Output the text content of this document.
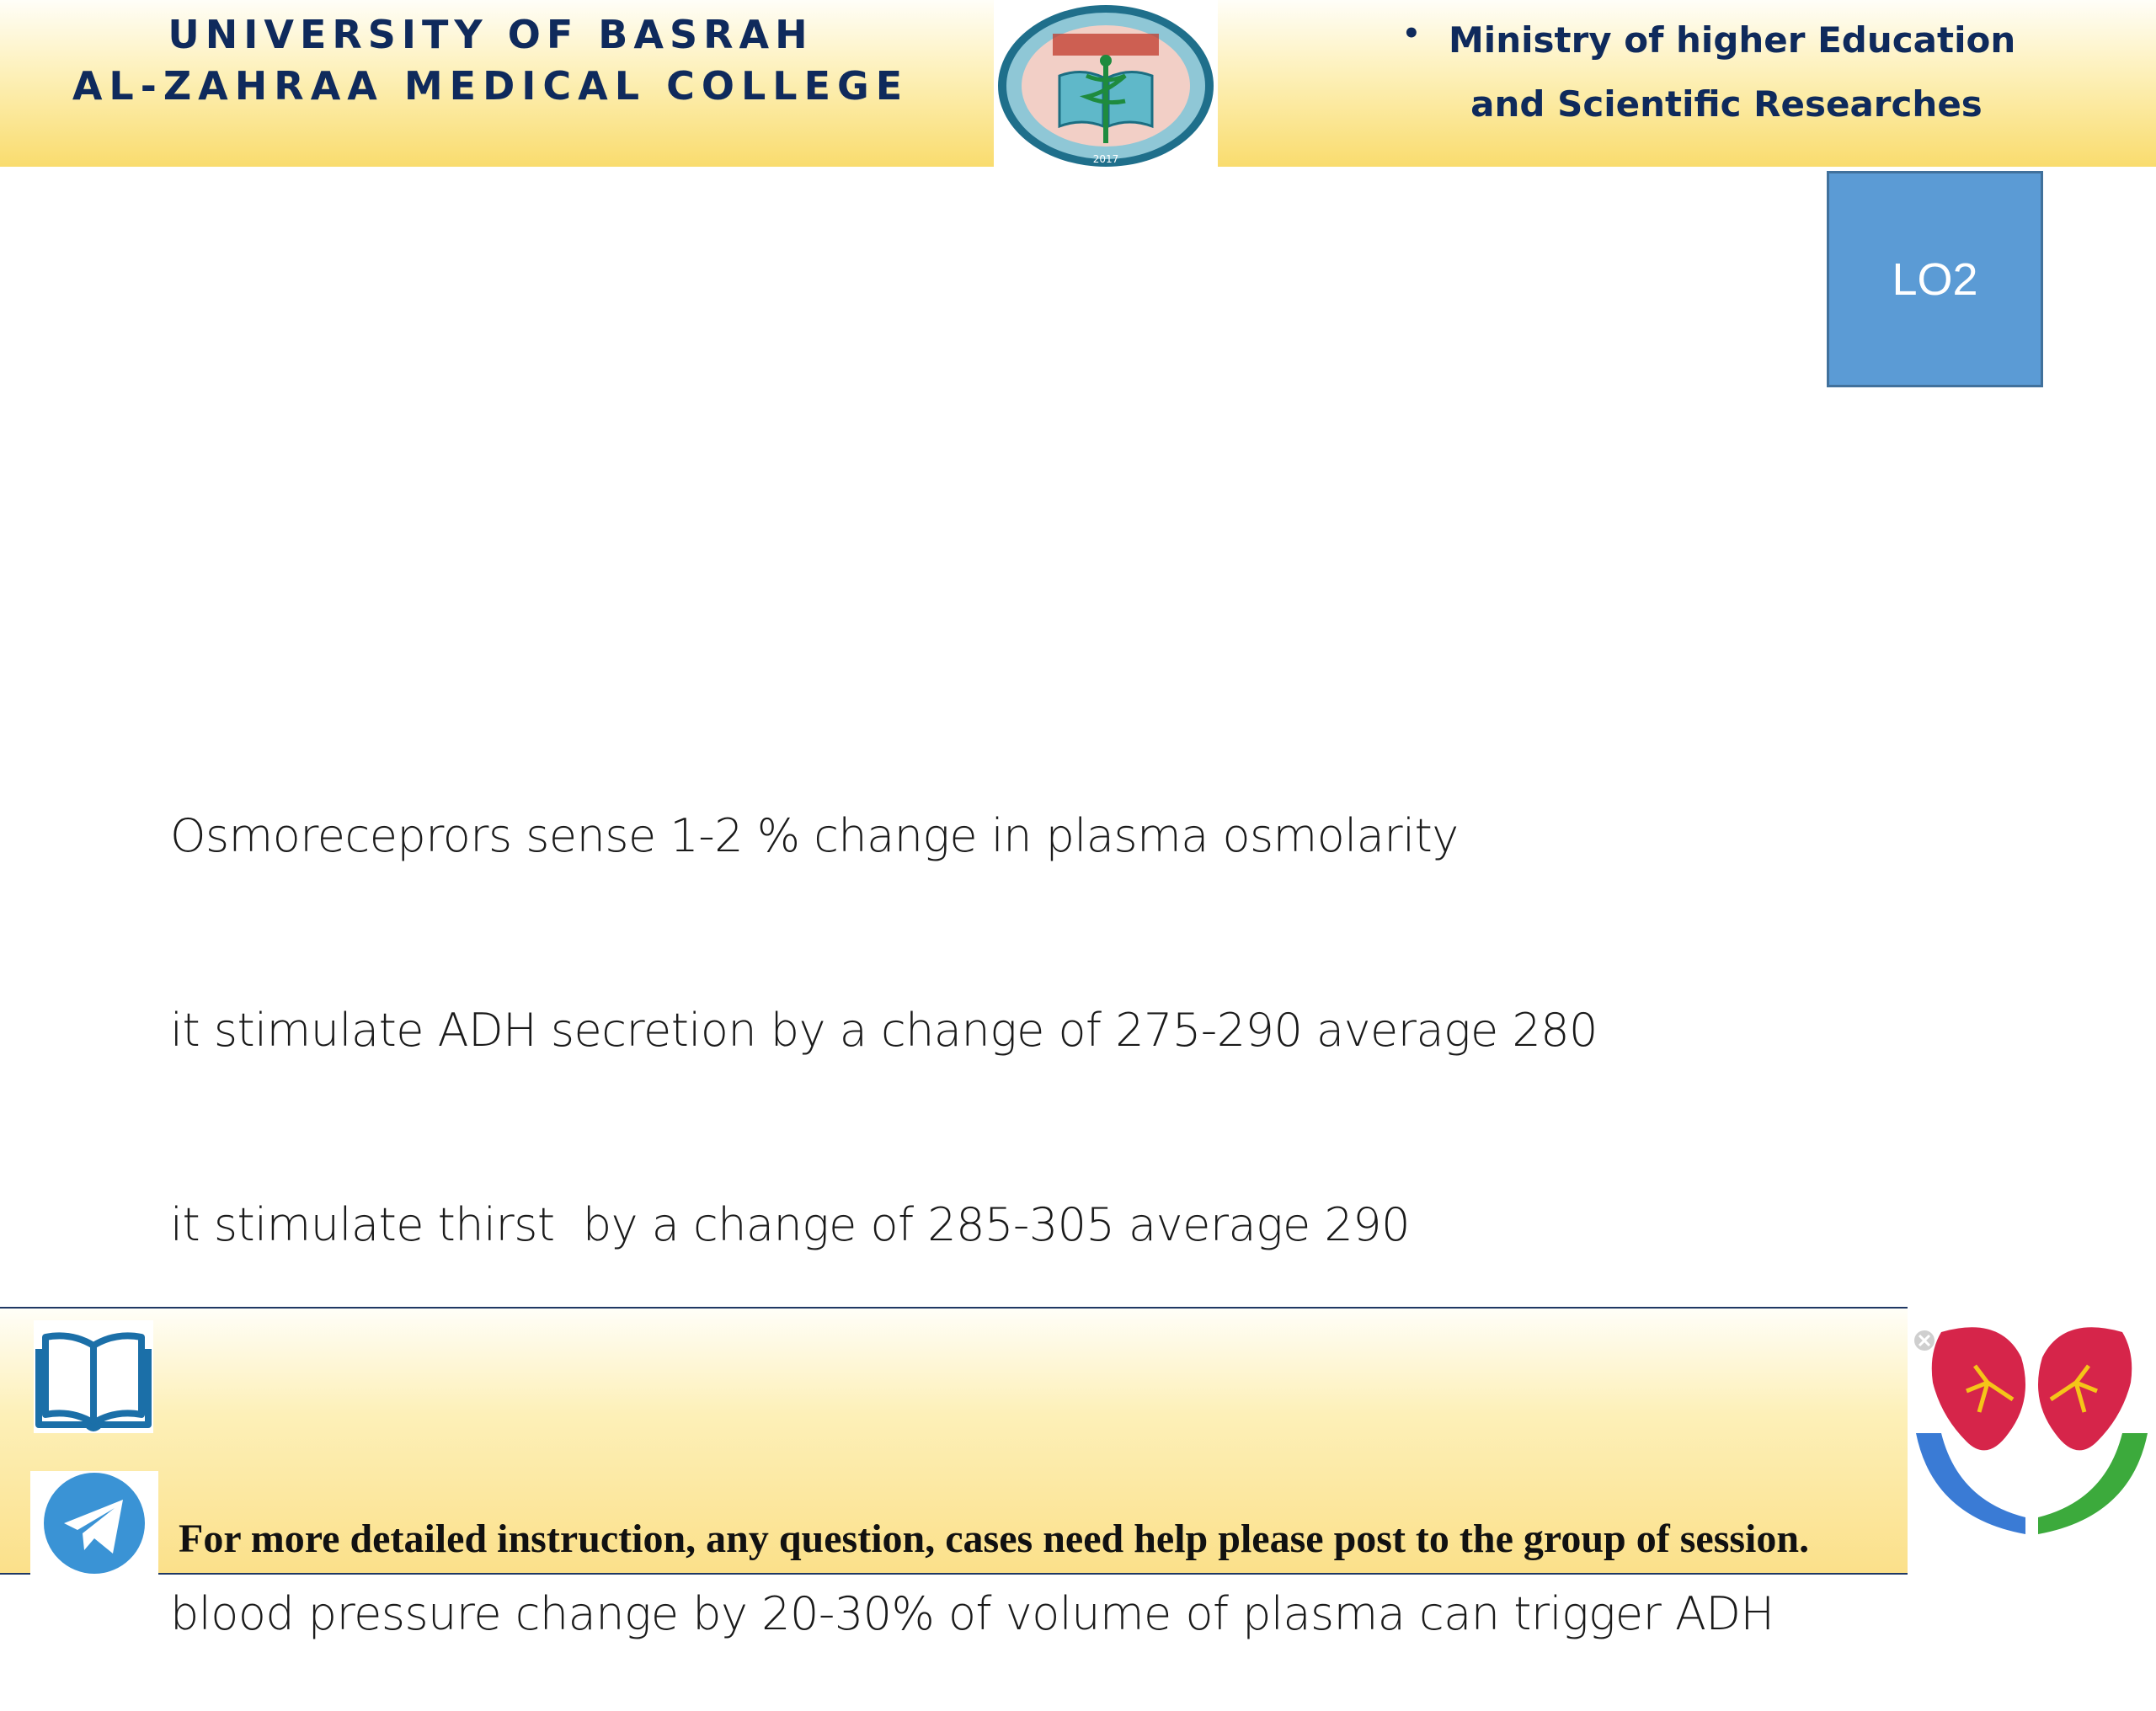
UNIVERSITY OF BASRAH
AL-ZAHRAA MEDICAL COLLEGE
2017
• Ministry of higher Education
and Scientific Researches
LO2

Osmoreceprors sense 1-2 % change in plasma osmolarity

it stimulate ADH secretion by a change of 275-290 average 280

it stimulate thirst  by a change of 285-305 average 290

blood pressure change by 20-30% of volume of plasma can trigger ADH

For more detailed instruction, any question, cases need help please post to the group of session.
